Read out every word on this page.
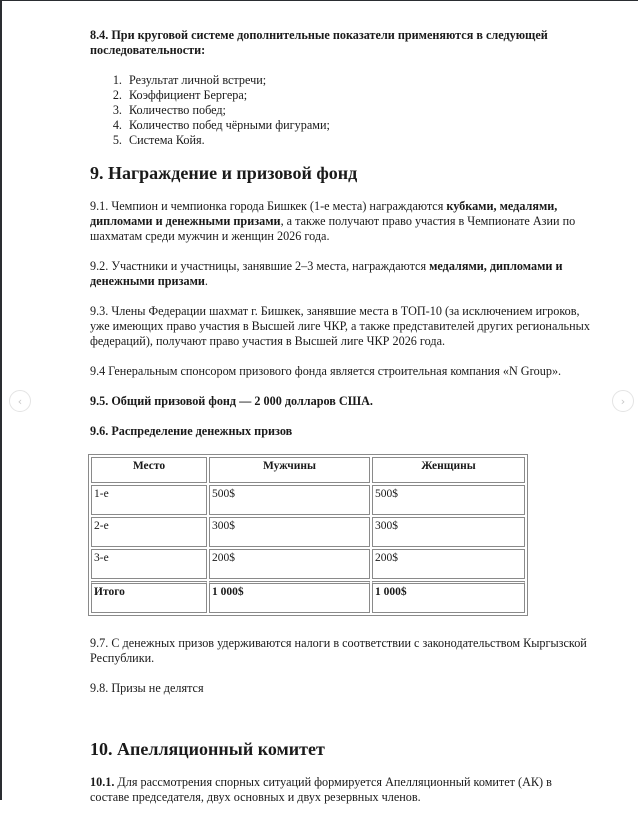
‹	›

8.4. При круговой системе дополнительные показатели применяются в следующей последовательности:

1. Результат личной встречи;
2. Коэффициент Бергера;
3. Количество побед;
4. Количество побед чёрными фигурами;
5. Система Койя.
9. Награждение и призовой фонд

9.1. Чемпион и чемпионка города Бишкек (1-е места) награждаются кубками, медалями, дипломами и денежными призами, а также получают право участия в Чемпионате Азии по шахматам среди мужчин и женщин 2026 года.

9.2. Участники и участницы, занявшие 2–3 места, награждаются медалями, дипломами и денежными призами.

9.3. Члены Федерации шахмат г. Бишкек, занявшие места в ТОП-10 (за исключением игроков, уже имеющих право участия в Высшей лиге ЧКР, а также представителей других региональных федераций), получают право участия в Высшей лиге ЧКР 2026 года.

9.4 Генеральным спонсором призового фонда является строительная компания «N Group».

9.5. Общий призовой фонд — 2 000 долларов США.

9.6. Распределение денежных призов

Место	Мужчины	Женщины
1-е	500$	500$
2-е	300$	300$
3-е	200$	200$
Итого	1 000$	1 000$

9.7. С денежных призов удерживаются налоги в соответствии с законодательством Кыргызской Республики.

9.8. Призы не делятся

10. Апелляционный комитет

10.1. Для рассмотрения спорных ситуаций формируется Апелляционный комитет (АК) в составе председателя, двух основных и двух резервных членов.
